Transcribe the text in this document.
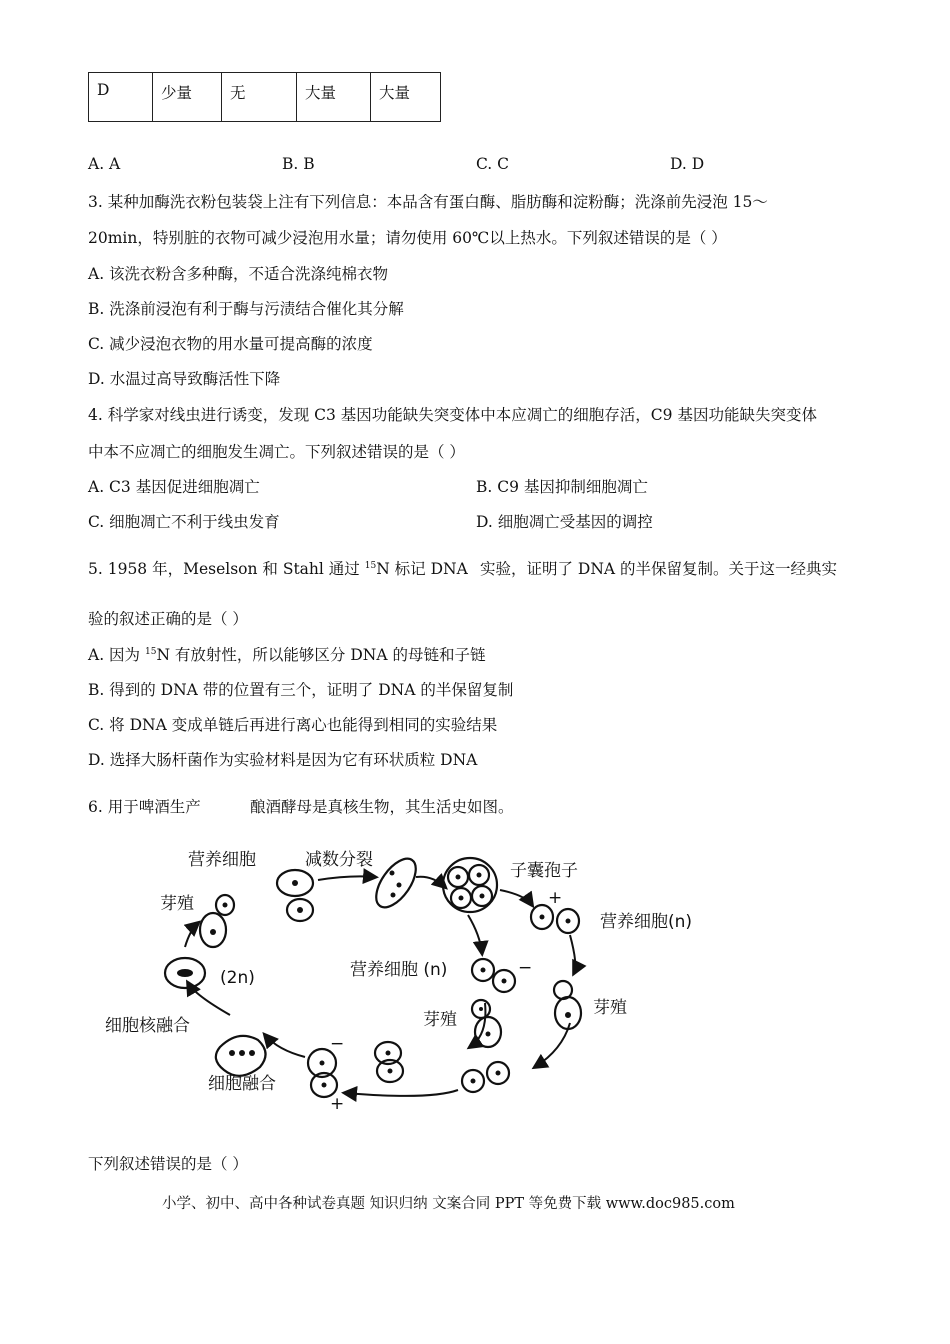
D	少量	无	大量	大量
A. A	B. B	C. C	D. D
3. 某种加酶洗衣粉包装袋上注有下列信息：本品含有蛋白酶、脂肪酶和淀粉酶；洗涤前先浸泡 15～
20min，特别脏的衣物可减少浸泡用水量；请勿使用 60℃以上热水。下列叙述错误的是（ ）
A. 该洗衣粉含多种酶，不适合洗涤纯棉衣物
B. 洗涤前浸泡有利于酶与污渍结合催化其分解
C. 减少浸泡衣物的用水量可提高酶的浓度
D. 水温过高导致酶活性下降
4. 科学家对线虫进行诱变，发现 C3 基因功能缺失突变体中本应凋亡的细胞存活，C9 基因功能缺失突变体
中本不应凋亡的细胞发生凋亡。下列叙述错误的是（ ）
A. C3 基因促进细胞凋亡	B. C9 基因抑制细胞凋亡
C. 细胞凋亡不利于线虫发育	D. 细胞凋亡受基因的调控
5. 1958 年，Meselson 和 Stahl 通过 $^{15}$N 标记 DNA 实验，证明了 DNA 的半保留复制。关于这一经典实
验的叙述正确的是（ ）
A. 因为 $^{15}$N 有放射性，所以能够区分 DNA 的母链和子链
B. 得到的 DNA 带的位置有三个，证明了 DNA 的半保留复制
C. 将 DNA 变成单链后再进行离心也能得到相同的实验结果
D. 选择大肠杆菌作为实验材料是因为它有环状质粒 DNA
6. 用于啤酒生产	酿酒酵母是真核生物，其生活史如图。
营养细胞	减数分裂
子囊孢子
芽殖
营养细胞(n)
(2n)	营养细胞 (n)
芽殖
芽殖
细胞核融合
细胞融合
+
−
−
+
下列叙述错误的是（ ）
小学、初中、高中各种试卷真题 知识归纳 文案合同 PPT 等免费下载 www.doc985.com
